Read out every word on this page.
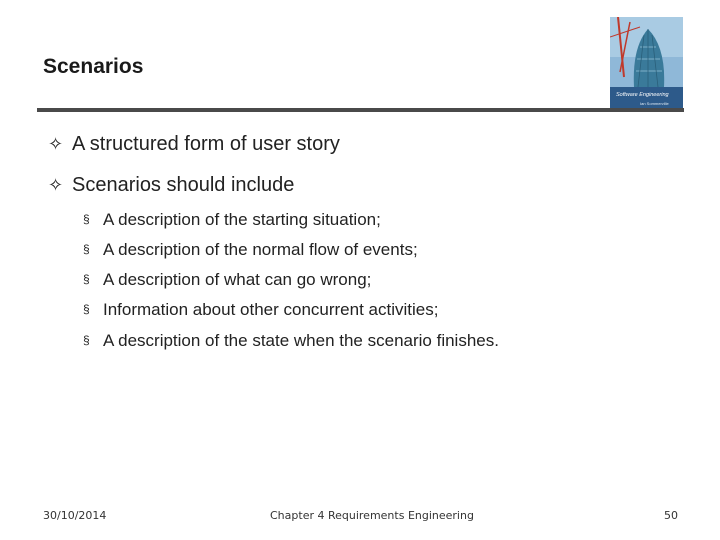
Scenarios
Software Engineering
Ian Sommerville
✧ A structured form of user story
✧ Scenarios should include
§ A description of the starting situation;
§ A description of the normal flow of events;
§ A description of what can go wrong;
§ Information about other concurrent activities;
§ A description of the state when the scenario finishes.
30/10/2014	Chapter 4 Requirements Engineering	50
